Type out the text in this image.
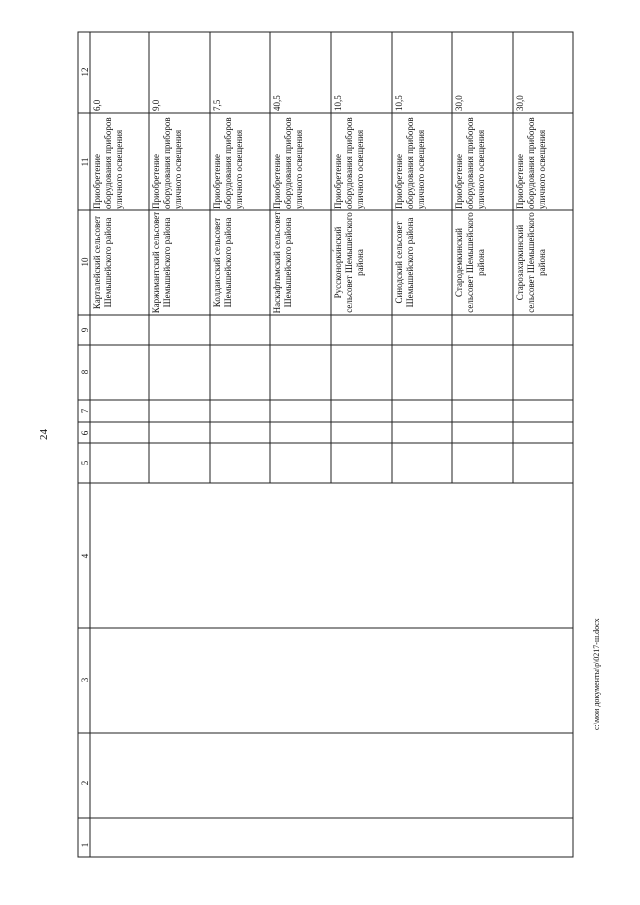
24
1
2
3
4
5
6
7
8
9
10
11
12
Карталейский сельсовет Шемышейского района
Приобретение оборудования приборов уличного освещения
6,0
Каржимантский сельсовет Шемышейского района
Приобретение оборудования приборов уличного освещения
9,0
Колдаисский сельсовет Шемышейского района
Приобретение оборудования приборов уличного освещения
7,5
Наскафтымский сельсовет Шемышейского района
Приобретение оборудования приборов уличного освещения
40,5
Руссконорки́нский сельсовет Шемышейского района
Приобретение оборудования приборов уличного освещения
10,5
Синодский сельсовет Шемышейского района
Приобретение оборудования приборов уличного освещения
10,5
Стародемкинский сельсовет Шемышейского района
Приобретение оборудования приборов уличного освещения
30,0
Старозахаркинский сельсовет Шемышейского района
Приобретение оборудования приборов уличного освещения
30,0
c:\мои документы\р\0217-ш.docx
